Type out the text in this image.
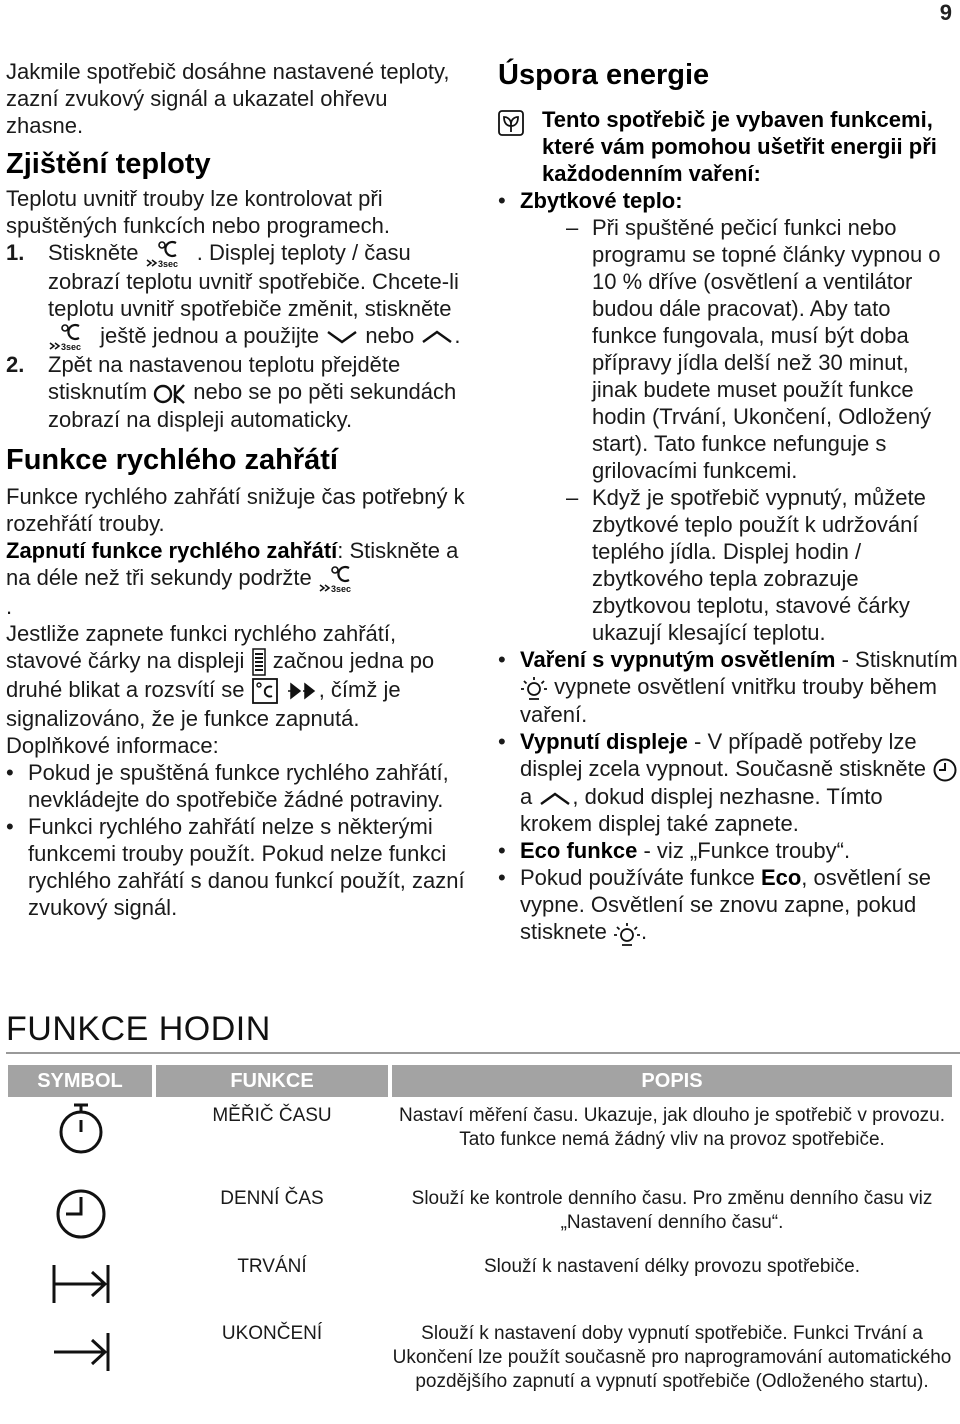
9

Jakmile spotřebič dosáhne nastavené teploty, zazní zvukový signál a ukazatel ohřevu zhasne.

Zjištění teploty

Teplotu uvnitř trouby lze kontrolovat při spuštěných funkcích nebo programech.

1. Stiskněte 3sec . Displej teploty / času zobrazí teplotu uvnitř spotřebiče. Chcete-li teplotu uvnitř spotřebiče změnit, stiskněte
3sec ještě jednou a použijte nebo .
2. Zpět na nastavenou teplotu přejděte stisknutím nebo se po pěti sekundách zobrazí na displeji automaticky.

Funkce rychlého zahřátí

Funkce rychlého zahřátí snižuje čas potřebný k rozehřátí trouby.

Zapnutí funkce rychlého zahřátí: Stiskněte a na déle než tři sekundy podržte 3sec

.

Jestliže zapnete funkci rychlého zahřátí, stavové čárky na displeji začnou jedna po druhé blikat a rozsvítí se	, čímž je signalizováno, že je funkce zapnutá.

Doplňkové informace:

• Pokud je spuštěná funkce rychlého zahřátí, nevkládejte do spotřebiče žádné potraviny.
• Funkci rychlého zahřátí nelze s některými funkcemi trouby použít. Pokud nelze funkci rychlého zahřátí s danou funkcí použít, zazní zvukový signál.

Úspora energie

Tento spotřebič je vybaven funkcemi, které vám pomohou ušetřit energii při každodenním vaření:
• Zbytkové teplo:
– Při spuštěné pečicí funkci nebo programu se topné články vypnou o 10 % dříve (osvětlení a ventilátor budou dále pracovat). Aby tato funkce fungovala, musí být doba přípravy jídla delší než 30 minut, jinak budete muset použít funkce hodin (Trvání, Ukončení, Odložený start). Tato funkce nefunguje s grilovacími funkcemi.
– Když je spotřebič vypnutý, můžete zbytkové teplo použít k udržování teplého jídla. Displej hodin / zbytkového tepla zobrazuje zbytkovou teplotu, stavové čárky ukazují klesající teplotu.
• Vaření s vypnutým osvětlením - Stisknutím  vypnete osvětlení vnitřku trouby během vaření.
• Vypnutí displeje - V případě potřeby lze displej zcela vypnout. Současně stiskněte  a , dokud displej nezhasne. Tímto krokem displej také zapnete.
• Eco funkce - viz „Funkce trouby“.
• Pokud používáte funkce Eco, osvětlení se vypne. Osvětlení se znovu zapne, pokud stisknete .
FUNKCE HODIN
SYMBOL	FUNKCE	POPIS
MĚŘIČ ČASU	Nastaví měření času. Ukazuje, jak dlouho je spotřebič v provozu. Tato funkce nemá žádný vliv na provoz spotřebiče.
DENNÍ ČAS	Slouží ke kontrole denního času. Pro změnu denního času viz „Nastavení denního času“.
TRVÁNÍ	Slouží k nastavení délky provozu spotřebiče.
UKONČENÍ	Slouží k nastavení doby vypnutí spotřebiče. Funkci Trvání a Ukončení lze použít současně pro naprogramování automatického pozdějšího zapnutí a vypnutí spotřebiče (Odloženého startu).
